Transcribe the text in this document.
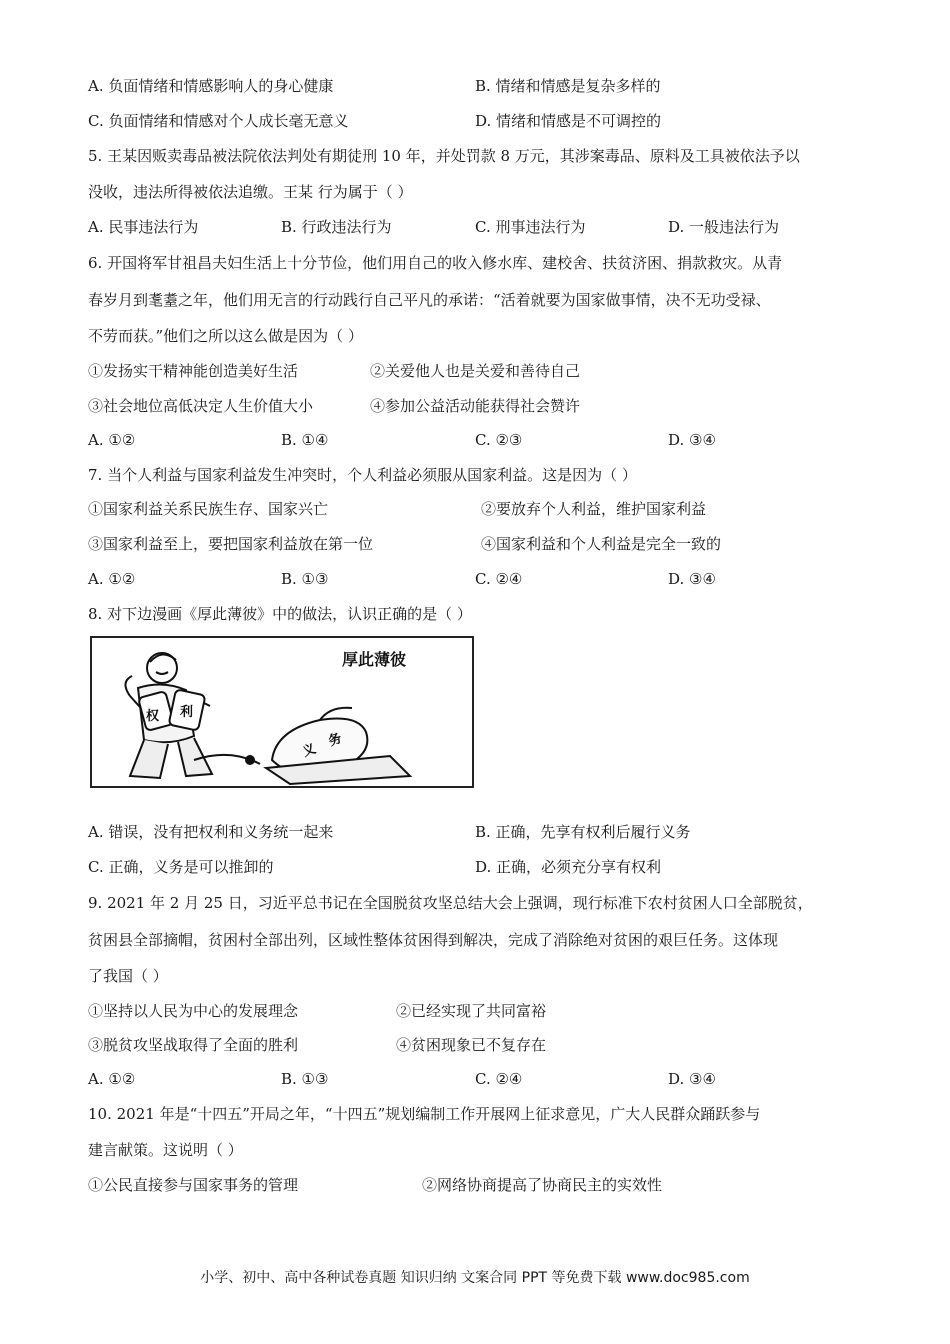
A. 负面情绪和情感影响人的身心健康	B. 情绪和情感是复杂多样的
C. 负面情绪和情感对个人成长毫无意义	D. 情绪和情感是不可调控的
5. 王某因贩卖毒品被法院依法判处有期徒刑 10 年，并处罚款 8 万元，其涉案毒品、原料及工具被依法予以
没收，违法所得被依法追缴。王某 行为属于（ ）
A. 民事违法行为	B. 行政违法行为	C. 刑事违法行为	D. 一般违法行为
6. 开国将军甘祖昌夫妇生活上十分节俭，他们用自己的收入修水库、建校舍、扶贫济困、捐款救灾。从青
春岁月到耄耋之年，他们用无言的行动践行自己平凡的承诺：“活着就要为国家做事情，决不无功受禄、
不劳而获。”他们之所以这么做是因为（ ）
①发扬实干精神能创造美好生活	②关爱他人也是关爱和善待自己
③社会地位高低决定人生价值大小	④参加公益活动能获得社会赞许
A. ①②	B. ①④	C. ②③	D. ③④
7. 当个人利益与国家利益发生冲突时，个人利益必须服从国家利益。这是因为（ ）
①国家利益关系民族生存、国家兴亡	②要放弃个人利益，维护国家利益
③国家利益至上，要把国家利益放在第一位	④国家利益和个人利益是完全一致的
A. ①②	B. ①③	C. ②④	D. ③④
8. 对下边漫画《厚此薄彼》中的做法，认识正确的是（ ）
厚此薄彼
权 利
义
务
A. 错误，没有把权利和义务统一起来	B. 正确，先享有权利后履行义务
C. 正确，义务是可以推卸的	D. 正确，必须充分享有权利
9. 2021 年 2 月 25 日，习近平总书记在全国脱贫攻坚总结大会上强调，现行标准下农村贫困人口全部脱贫，
贫困县全部摘帽，贫困村全部出列，区域性整体贫困得到解决，完成了消除绝对贫困的艰巨任务。这体现
了我国（ ）
①坚持以人民为中心的发展理念	②已经实现了共同富裕
③脱贫攻坚战取得了全面的胜利	④贫困现象已不复存在
A. ①②	B. ①③	C. ②④	D. ③④
10. 2021 年是“十四五”开局之年，“十四五”规划编制工作开展网上征求意见，广大人民群众踊跃参与
建言献策。这说明（ ）
①公民直接参与国家事务的管理	②网络协商提高了协商民主的实效性
小学、初中、高中各种试卷真题 知识归纳 文案合同 PPT 等免费下载 www.doc985.com
